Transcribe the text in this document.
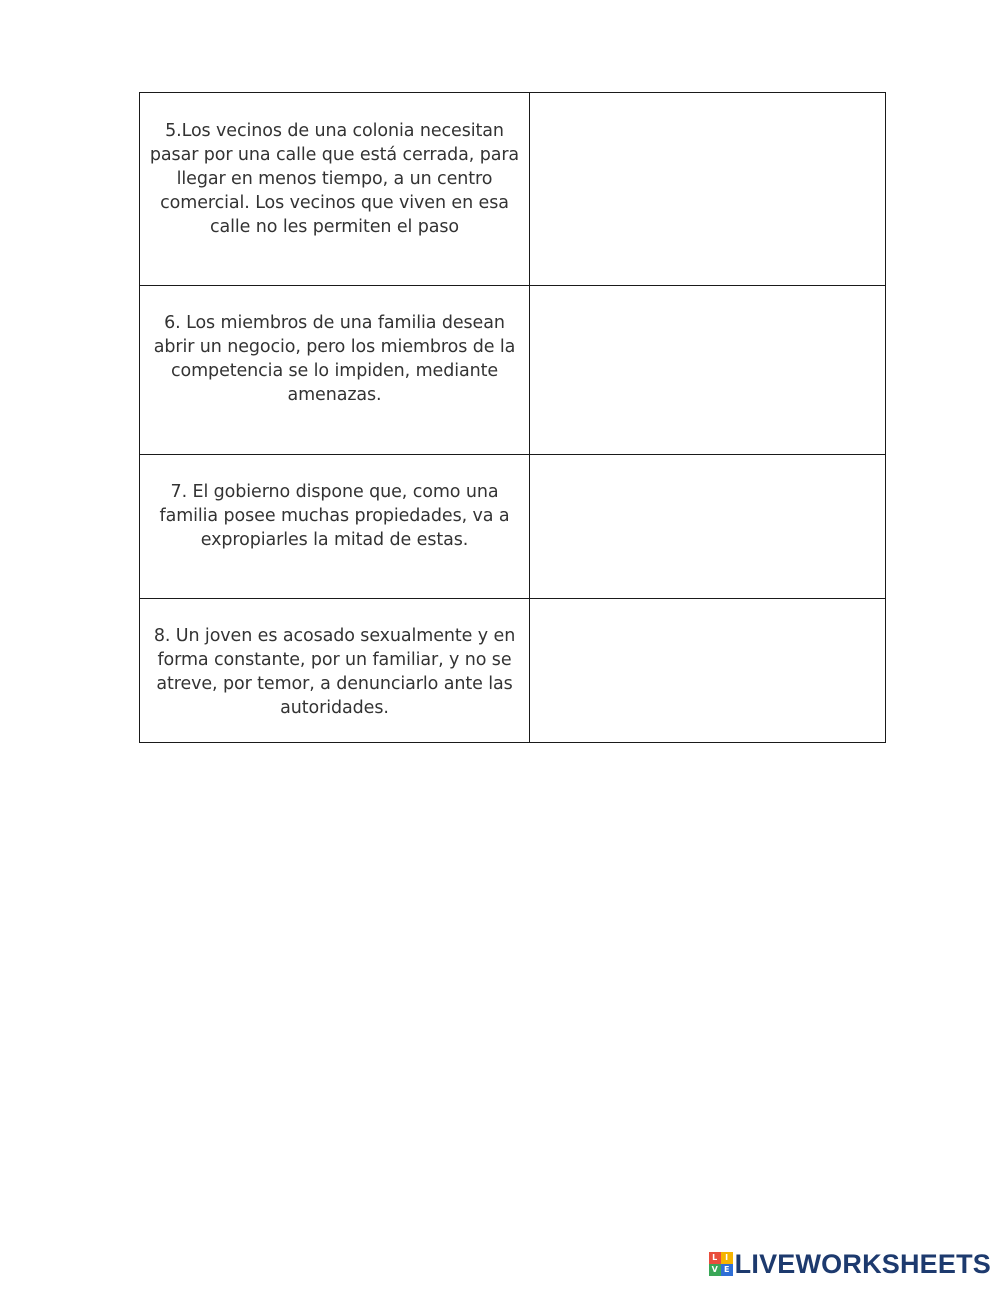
5.Los vecinos de una colonia necesitan pasar por una calle que está cerrada, para llegar en menos tiempo, a un centro comercial. Los vecinos que viven en esa calle no les permiten el paso	

6. Los miembros de una familia desean abrir un negocio, pero los miembros de la competencia se lo impiden, mediante amenazas.	

7. El gobierno dispone que, como una familia posee muchas propiedades, va a expropiarles la mitad de estas.	

8. Un joven es acosado sexualmente y en forma constante, por un familiar, y no se atreve, por temor, a denunciarlo ante las autoridades.	

L I
V E LIVEWORKSHEETS
